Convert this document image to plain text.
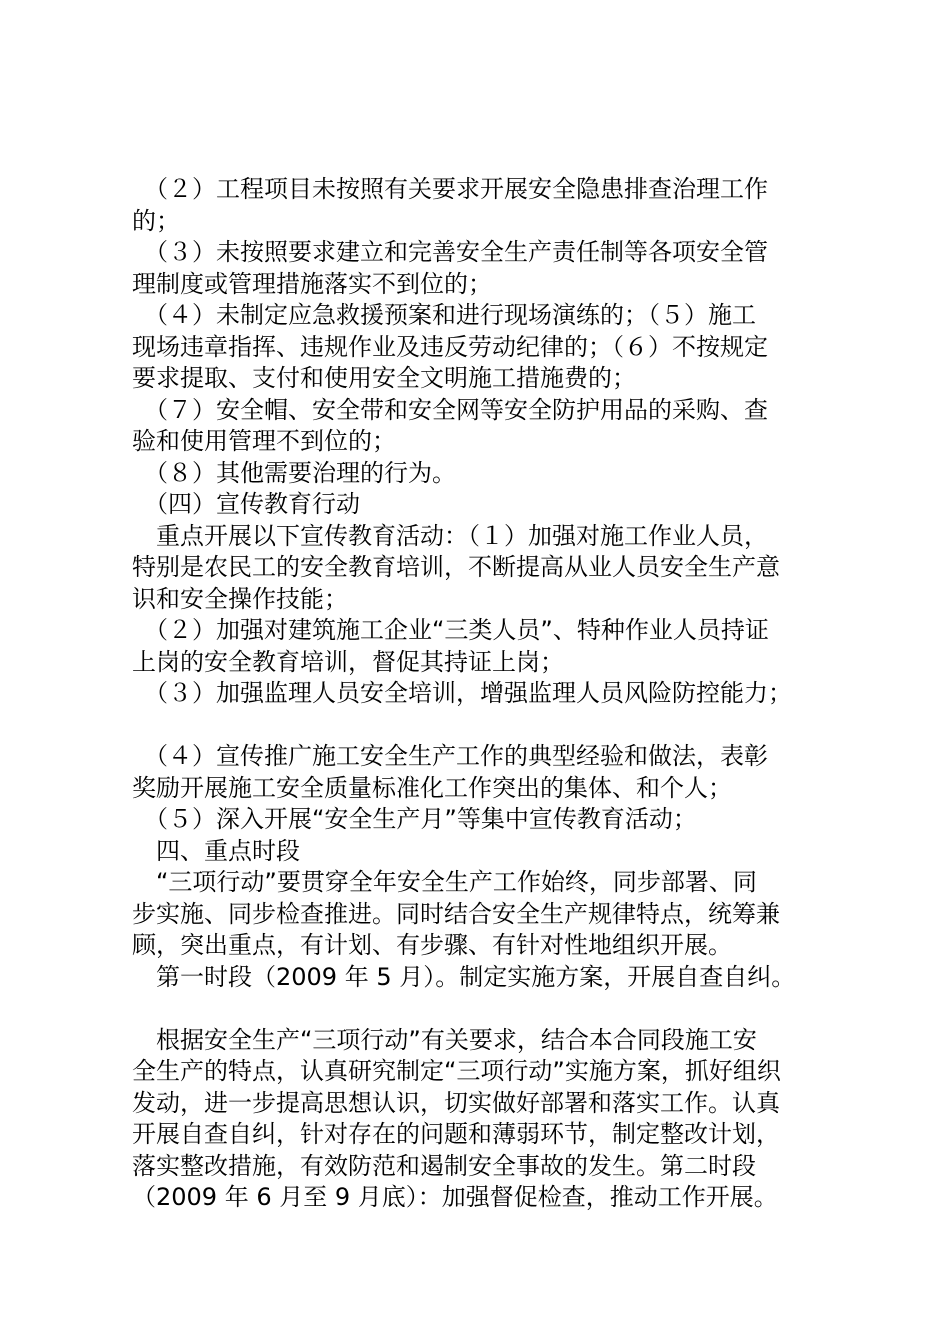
　（２）工程项目未按照有关要求开展安全隐患排查治理工作
的；
　（３）未按照要求建立和完善安全生产责任制等各项安全管
理制度或管理措施落实不到位的；
　（４）未制定应急救援预案和进行现场演练的；（５）施工
现场违章指挥、违规作业及违反劳动纪律的；（６）不按规定
要求提取、支付和使用安全文明施工措施费的；
　（７）安全帽、安全带和安全网等安全防护用品的采购、查
验和使用管理不到位的；
　（８）其他需要治理的行为。
　（四）宣传教育行动
　重点开展以下宣传教育活动：（１）加强对施工作业人员，
特别是农民工的安全教育培训，不断提高从业人员安全生产意
识和安全操作技能；
　（２）加强对建筑施工企业“三类人员”、特种作业人员持证
上岗的安全教育培训，督促其持证上岗；
　（３）加强监理人员安全培训，增强监理人员风险防控能力；
　（４）宣传推广施工安全生产工作的典型经验和做法，表彰
奖励开展施工安全质量标准化工作突出的集体、和个人；
　（５）深入开展“安全生产月”等集中宣传教育活动；
　四、重点时段
　“三项行动”要贯穿全年安全生产工作始终，同步部署、同
步实施、同步检查推进。同时结合安全生产规律特点，统筹兼
顾，突出重点，有计划、有步骤、有针对性地组织开展。
　第一时段（2009 年 5 月）。制定实施方案，开展自查自纠。
　根据安全生产“三项行动”有关要求，结合本合同段施工安
全生产的特点，认真研究制定“三项行动”实施方案，抓好组织
发动，进一步提高思想认识，切实做好部署和落实工作。认真
开展自查自纠，针对存在的问题和薄弱环节，制定整改计划，
落实整改措施，有效防范和遏制安全事故的发生。第二时段
（2009 年 6 月至 9 月底）：加强督促检查，推动工作开展。
